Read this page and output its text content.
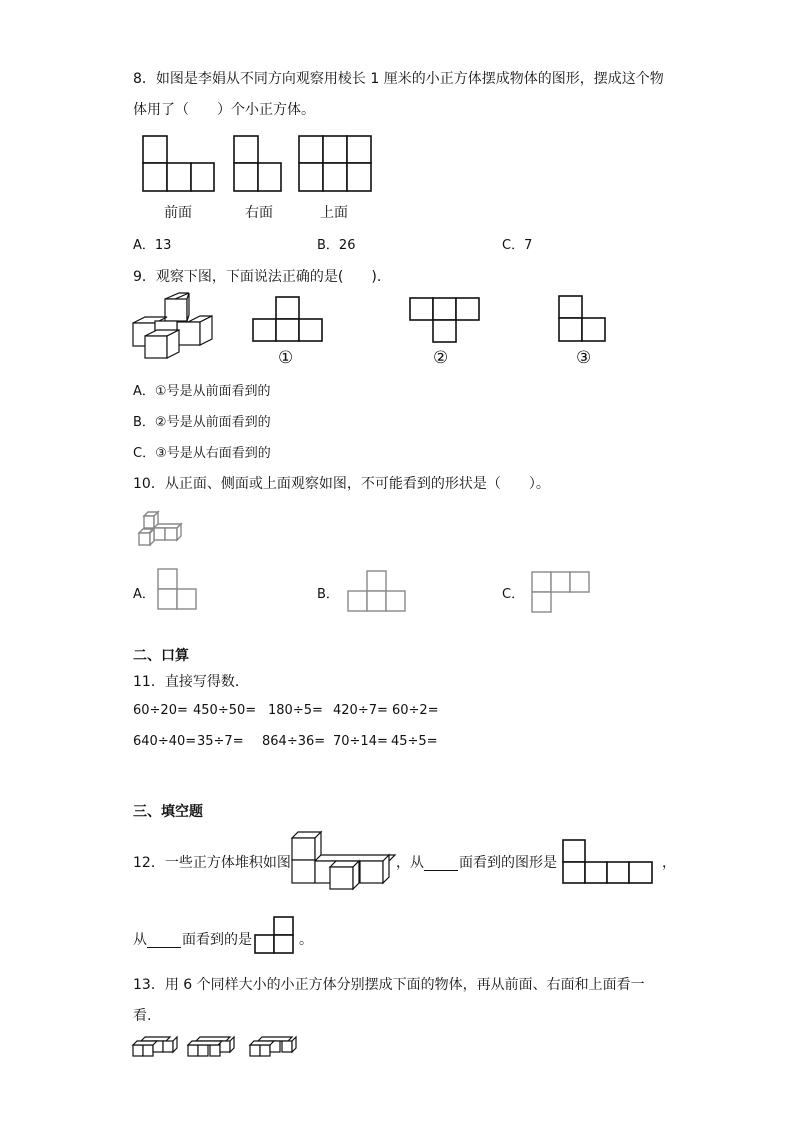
8．如图是李娟从不同方向观察用棱长 1 厘米的小正方体摆成物体的图形，摆成这个物
体用了（　　）个小正方体。
前面	右面	上面
A．13	B．26	C．7
9．观察下图，下面说法正确的是(　　).
①	②	③
A．①号是从前面看到的
B．②号是从前面看到的
C．③号是从右面看到的
10．从正面、侧面或上面观察如图，不可能看到的形状是（　　）。
A．	B．	C．
二、口算
11．直接写得数．
60÷20= 450÷50= 180÷5= 420÷7= 60÷2=
640÷40= 35÷7= 864÷36= 70÷14= 45÷5=
三、填空题
12．一些正方体堆积如图	，从	面看到的图形是	，
从	面看到的是	。
13．用 6 个同样大小的小正方体分别摆成下面的物体，再从前面、右面和上面看一
看.
